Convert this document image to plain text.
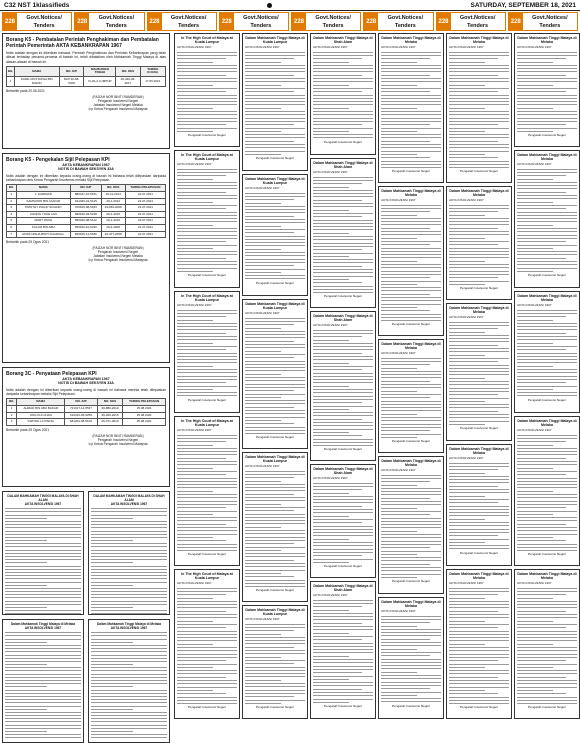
C32 NST 1klassifieds	SATURDAY, SEPTEMBER 18, 2021
228
Govt.Notices/
Tenders
228
Govt.Notices/
Tenders
228
Govt.Notices/
Tenders
228
Govt.Notices/
Tenders
228
Govt.Notices/
Tenders
228
Govt.Notices/
Tenders
228
Govt.Notices/
Tenders
228
Govt.Notices/
Tenders
Borang K5 - Pembatalan Perintah Penghakiman dan Pembatalan Perintah Pemerintah AKTA KEBANKRAPAN 1967

Notis adalah dengan ini diberikan bahawa, Perintah Penghakiman dan Perintah Kebankrapan yang telah dibuat terhadap penama-penama di bawah ini, telah dibatalkan oleh Mahkamah Tinggi Malaya di atas alasan-alasan di bawah ini.

BIL	NAMA	NO. K/P	MAHKAMAH TINGGI	NO. KES	TARIKH KUASA
1	KAMIL MUSTAPHA BIN MARIN	810710-08-5405	KUALA LUMPUR	29-340-06-2017	17.06.2021
Bertarikh pada 20.08.2021
(FAIZAH NOR BINTI RAMDERAN)
Pengarah Insolvensi Negeri
Jabatan Insolvensi Negeri Melaka
b.p Ketua Pengarah Insolvensi Malaysia
Borang K5 - Pengekalan Sijil Pelepasan KPI
AKTA KEBANKRAPAN 1967
NOTIS DI BAWAH SEKSYEN 33A

Notis adalah dengan ini diberikan kepada orang-orang di bawah ini bahawa telah dilepaskan daripada kebankrapan oleh Ketua Pengarah Insolvensi melalui Sijil Pelepasan.

BIL	NAMA	NO. K/P	NO. KES	TARIKH PELEPASAN
1	L. HARIMAN	880417-10-5151	29-11-2014	22.07.2021
2	SAMSUDIN BIN JAAFAR	621020-01-5115	29-1-2012	22.07.2021
3	TIMOTHY PHILIP SOHADY	700615-08-5163	29-656-2009	22.07.2021
4	CHONG YOKE LAN	690916-03-5248	29-1-2015	22.07.2021
5	MARY PANG	590320-08-5122	29-1-2016	22.07.2021
6	KALAM BIN ABU	650919-10-5319	29-4-2006	22.07.2021
7	ROZA NISHA BINTI KHAIRULL	820915-14-5186	29-477-2008	22.07.2021
Bertarikh pada 25 Ogos 2021
(FAIZAH NOR BINTI RAMDERAN)
Pengarah Insolvensi Negeri
Jabatan Insolvensi Negeri Melaka
b.p Ketua Pengarah Insolvensi Malaysia
Borang 3C - Penyataan Pelepasan KPI
AKTA KEBANKRAPAN 1967
NOTIS DI BAWAH SEKSYEN 33A

Notis adalah dengan ini diberikan kepada orang-orang di bawah ini bahawa mereka telah dilepaskan daripada kebankrapan melalui Sijil Pelepasan.

BIL	NAMA	NO. K/P	NO. KES	TARIKH PELEPASAN
1	AHMAD BIN ABU BAKAR	721017-14-5537	29-880-2010	25.08.2021
2	ONG KHI CHAN	610310-06-5256	29-200-2015	25.08.2021
3	KWONG LAI PENG	681202-08-5106	29-471-2019	25.08.2021
Bertarikh pada 25 Ogos 2021
(FAIZAH NOR BINTI RAMDERAN)
Pengarah Insolvensi Negeri
b.p Ketua Pengarah Insolvensi Malaysia
DALAM MAHKAMAH TINGGI MALAYA DI SHAH ALAM
AKTA INSOLVENSI 1967
DALAM MAHKAMAH TINGGI MALAYA DI SHAH ALAM
AKTA INSOLVENSI 1967
Dalam Mahkamah Tinggi Malaya di Melaka
AKTA INSOLVENSI 1967
Dalam Mahkamah Tinggi Malaya di Melaka
AKTA INSOLVENSI 1967
In The High Court of Malaya at Kuala Lumpur
AKTA INSOLVENSI 1967
Pengarah Insolvensi Negeri
In The High Court of Malaya at Kuala Lumpur
AKTA INSOLVENSI 1967
Pengarah Insolvensi Negeri
In The High Court of Malaya at Kuala Lumpur
AKTA INSOLVENSI 1967
Pengarah Insolvensi Negeri
In The High Court of Malaya at Kuala Lumpur
AKTA INSOLVENSI 1967
Pengarah Insolvensi Negeri
In The High Court of Malaya at Kuala Lumpur
AKTA INSOLVENSI 1967
Pengarah Insolvensi Negeri
Dalam Mahkamah Tinggi Malaya di Kuala Lumpur
AKTA INSOLVENSI 1967
Pengarah Insolvensi Negeri
Dalam Mahkamah Tinggi Malaya di Kuala Lumpur
AKTA INSOLVENSI 1967
Pengarah Insolvensi Negeri
Dalam Mahkamah Tinggi Malaya di Kuala Lumpur
AKTA INSOLVENSI 1967
Pengarah Insolvensi Negeri
Dalam Mahkamah Tinggi Malaya di Kuala Lumpur
AKTA INSOLVENSI 1967
Pengarah Insolvensi Negeri
Dalam Mahkamah Tinggi Malaya di Kuala Lumpur
AKTA INSOLVENSI 1967
Pengarah Insolvensi Negeri
Dalam Mahkamah Tinggi Malaya di Shah Alam
AKTA INSOLVENSI 1967
Pengarah Insolvensi Negeri
Dalam Mahkamah Tinggi Malaya di Shah Alam
AKTA INSOLVENSI 1967
Pengarah Insolvensi Negeri
Dalam Mahkamah Tinggi Malaya di Shah Alam
AKTA INSOLVENSI 1967
Pengarah Insolvensi Negeri
Dalam Mahkamah Tinggi Malaya di Shah Alam
AKTA INSOLVENSI 1967
Pengarah Insolvensi Negeri
Dalam Mahkamah Tinggi Malaya di Shah Alam
AKTA INSOLVENSI 1967
Pengarah Insolvensi Negeri
Dalam Mahkamah Tinggi Malaya di Melaka
AKTA INSOLVENSI 1967
Pengarah Insolvensi Negeri
Dalam Mahkamah Tinggi Malaya di Melaka
AKTA INSOLVENSI 1967
Pengarah Insolvensi Negeri
Dalam Mahkamah Tinggi Malaya di Melaka
AKTA INSOLVENSI 1967
Pengarah Insolvensi Negeri
Dalam Mahkamah Tinggi Malaya di Melaka
AKTA INSOLVENSI 1967
Pengarah Insolvensi Negeri
Dalam Mahkamah Tinggi Malaya di Melaka
AKTA INSOLVENSI 1967
Pengarah Insolvensi Negeri
Dalam Mahkamah Tinggi Malaya di Melaka
AKTA INSOLVENSI 1967
Pengarah Insolvensi Negeri
Dalam Mahkamah Tinggi Malaya di Melaka
AKTA INSOLVENSI 1967
Pengarah Insolvensi Negeri
Dalam Mahkamah Tinggi Malaya di Melaka
AKTA INSOLVENSI 1967
Pengarah Insolvensi Negeri
Dalam Mahkamah Tinggi Malaya di Melaka
AKTA INSOLVENSI 1967
Pengarah Insolvensi Negeri
Dalam Mahkamah Tinggi Malaya di Melaka
AKTA INSOLVENSI 1967
Pengarah Insolvensi Negeri
Dalam Mahkamah Tinggi Malaya di Melaka
AKTA INSOLVENSI 1967
Pengarah Insolvensi Negeri
Dalam Mahkamah Tinggi Malaya di Melaka
AKTA INSOLVENSI 1967
Pengarah Insolvensi Negeri
Dalam Mahkamah Tinggi Malaya di Melaka
AKTA INSOLVENSI 1967
Pengarah Insolvensi Negeri
Dalam Mahkamah Tinggi Malaya di Melaka
AKTA INSOLVENSI 1967
Pengarah Insolvensi Negeri
Dalam Mahkamah Tinggi Malaya di Melaka
AKTA INSOLVENSI 1967
Pengarah Insolvensi Negeri
